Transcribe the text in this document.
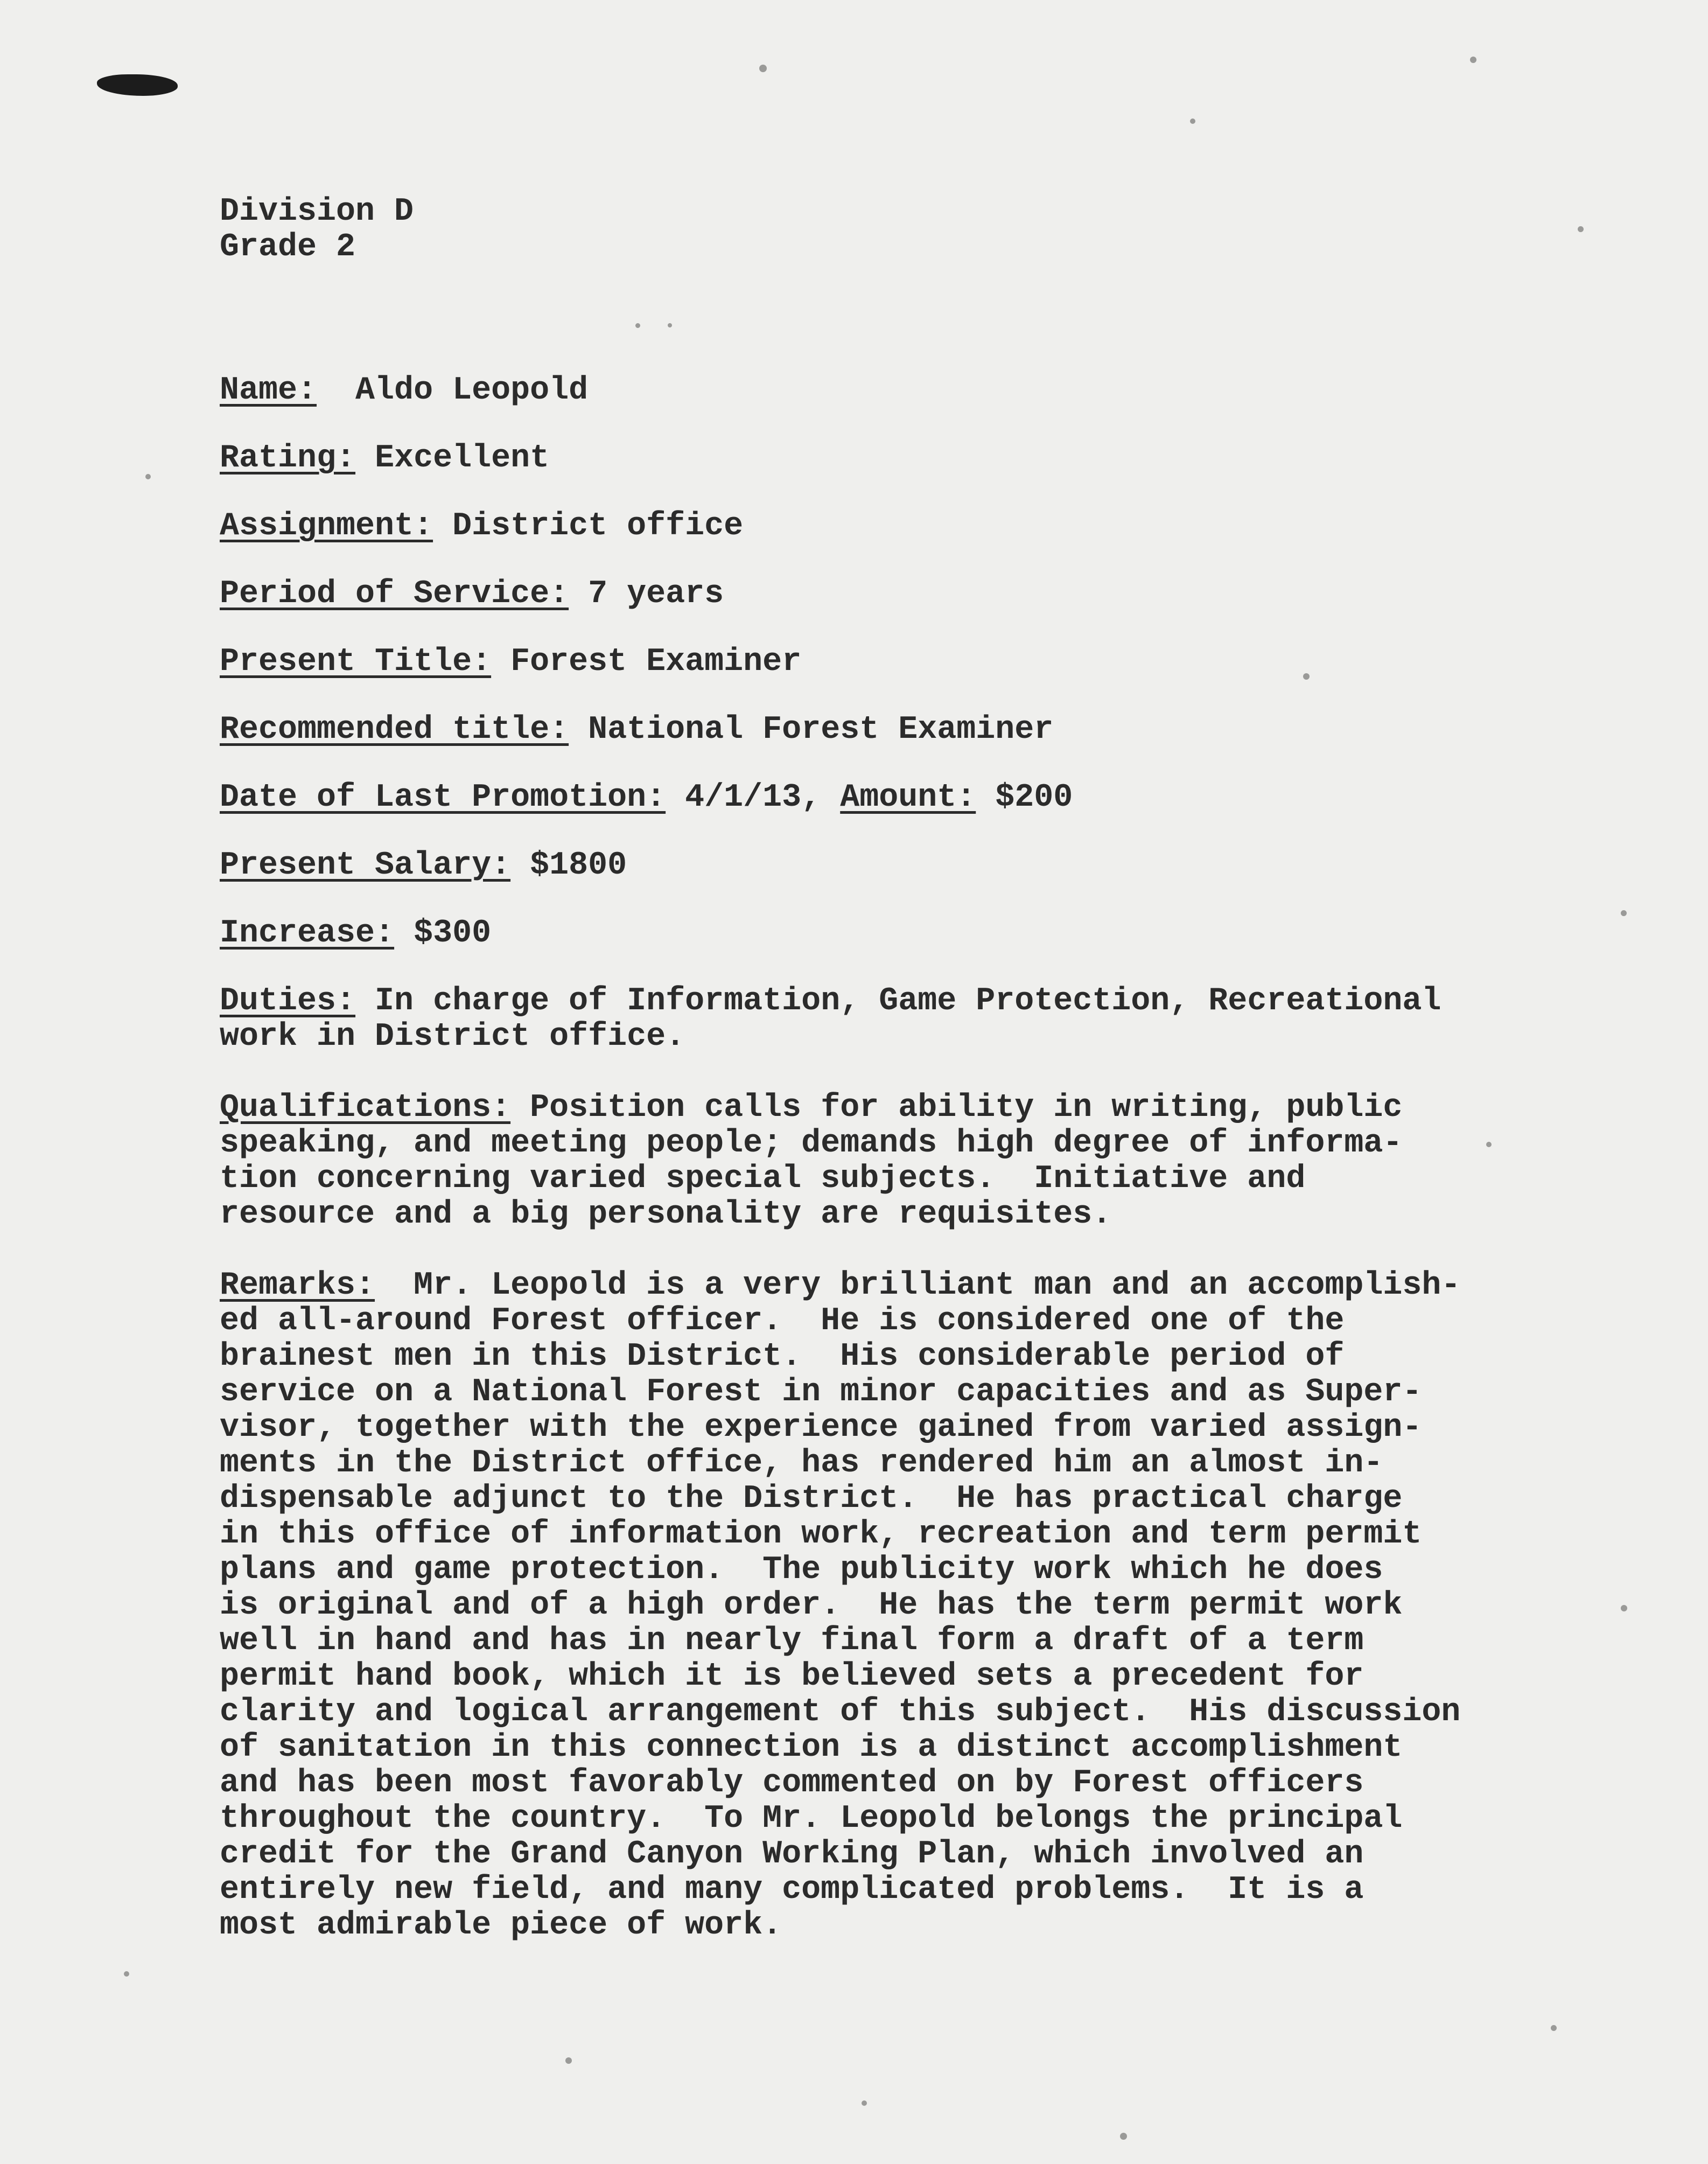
Division D
Grade 2

Name: Aldo Leopold

Rating: Excellent

Assignment: District office

Period of Service: 7 years

Present Title: Forest Examiner

Recommended title: National Forest Examiner

Date of Last Promotion: 4/1/13, Amount: $200

Present Salary: $1800

Increase: $300

Duties: In charge of Information, Game Protection, Recreational

work in District office.

Qualifications: Position calls for ability in writing, public

speaking, and meeting people; demands high degree of informa-

tion concerning varied special subjects.  Initiative and

resource and a big personality are requisites.

Remarks:  Mr. Leopold is a very brilliant man and an accomplish-

ed all-around Forest officer.  He is considered one of the

brainest men in this District.  His considerable period of

service on a National Forest in minor capacities and as Super-

visor, together with the experience gained from varied assign-

ments in the District office, has rendered him an almost in-

dispensable adjunct to the District.  He has practical charge

in this office of information work, recreation and term permit

plans and game protection.  The publicity work which he does

is original and of a high order.  He has the term permit work

well in hand and has in nearly final form a draft of a term

permit hand book, which it is believed sets a precedent for

clarity and logical arrangement of this subject.  His discussion

of sanitation in this connection is a distinct accomplishment

and has been most favorably commented on by Forest officers

throughout the country.  To Mr. Leopold belongs the principal

credit for the Grand Canyon Working Plan, which involved an

entirely new field, and many complicated problems.  It is a

most admirable piece of work.
